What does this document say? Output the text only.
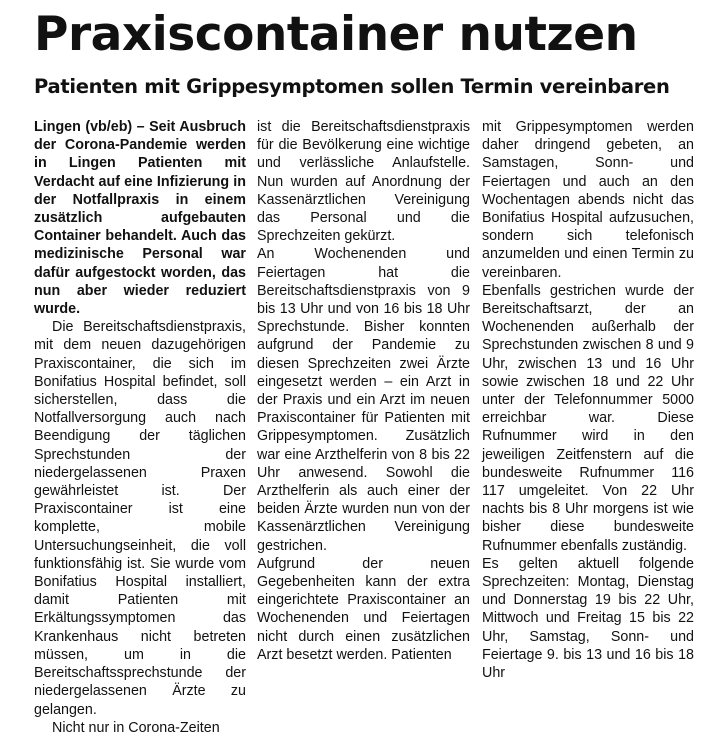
Praxiscontainer nutzen
Patienten mit Grippesymptomen sollen Termin vereinbaren

Lingen (vb/eb) – Seit Ausbruch der Corona-Pandemie werden in Lingen Patienten mit Verdacht auf eine Infizierung in der Notfallpraxis in einem zusätzlich aufgebauten Container behandelt. Auch das medizinische Personal war dafür aufgestockt worden, das nun aber wieder reduziert wurde.

Die Bereitschaftsdienstpraxis, mit dem neuen dazugehörigen Praxiscontainer, die sich im Bonifatius Hospital befindet, soll sicherstellen, dass die Notfallversorgung auch nach Beendigung der täglichen Sprechstunden der niedergelassenen Praxen gewährleistet ist. Der Praxiscontainer ist eine komplette, mobile Untersuchungseinheit, die voll funktionsfähig ist. Sie wurde vom Bonifatius Hospital installiert, damit Patienten mit Erkältungssymptomen das Krankenhaus nicht betreten müssen, um in die Bereitschaftssprechstunde der niedergelassenen Ärzte zu gelangen.

Nicht nur in Corona-Zeiten

ist die Bereitschaftsdienstpraxis für die Bevölkerung eine wichtige und verlässliche Anlaufstelle. Nun wurden auf Anordnung der Kassenärztlichen Vereinigung das Personal und die Sprechzeiten gekürzt.

An Wochenenden und Feiertagen hat die Bereitschaftsdienstpraxis von 9 bis 13 Uhr und von 16 bis 18 Uhr Sprechstunde. Bisher konnten aufgrund der Pandemie zu diesen Sprechzeiten zwei Ärzte eingesetzt werden – ein Arzt in der Praxis und ein Arzt im neuen Praxiscontainer für Patienten mit Grippesymptomen. Zusätzlich war eine Arzthelferin von 8 bis 22 Uhr anwesend. Sowohl die Arzthelferin als auch einer der beiden Ärzte wurden nun von der Kassenärztlichen Vereinigung gestrichen.

Aufgrund der neuen Gegebenheiten kann der extra eingerichtete Praxiscontainer an Wochenenden und Feiertagen nicht durch einen zusätzlichen Arzt besetzt werden. Patienten

mit Grippesymptomen werden daher dringend gebeten, an Samstagen, Sonn- und Feiertagen und auch an den Wochentagen abends nicht das Bonifatius Hospital aufzusuchen, sondern sich telefonisch anzumelden und einen Termin zu vereinbaren.

Ebenfalls gestrichen wurde der Bereitschaftsarzt, der an Wochenenden außerhalb der Sprechstunden zwischen 8 und 9 Uhr, zwischen 13 und 16 Uhr sowie zwischen 18 und 22 Uhr unter der Telefonnummer 5000 erreichbar war. Diese Rufnummer wird in den jeweiligen Zeitfenstern auf die bundesweite Rufnummer 116 117 umgeleitet. Von 22 Uhr nachts bis 8 Uhr morgens ist wie bisher diese bundesweite Rufnummer ebenfalls zuständig.

Es gelten aktuell folgende Sprechzeiten: Montag, Dienstag und Donnerstag 19 bis 22 Uhr, Mittwoch und Freitag 15 bis 22 Uhr, Samstag, Sonn- und Feiertage 9. bis 13 und 16 bis 18 Uhr
